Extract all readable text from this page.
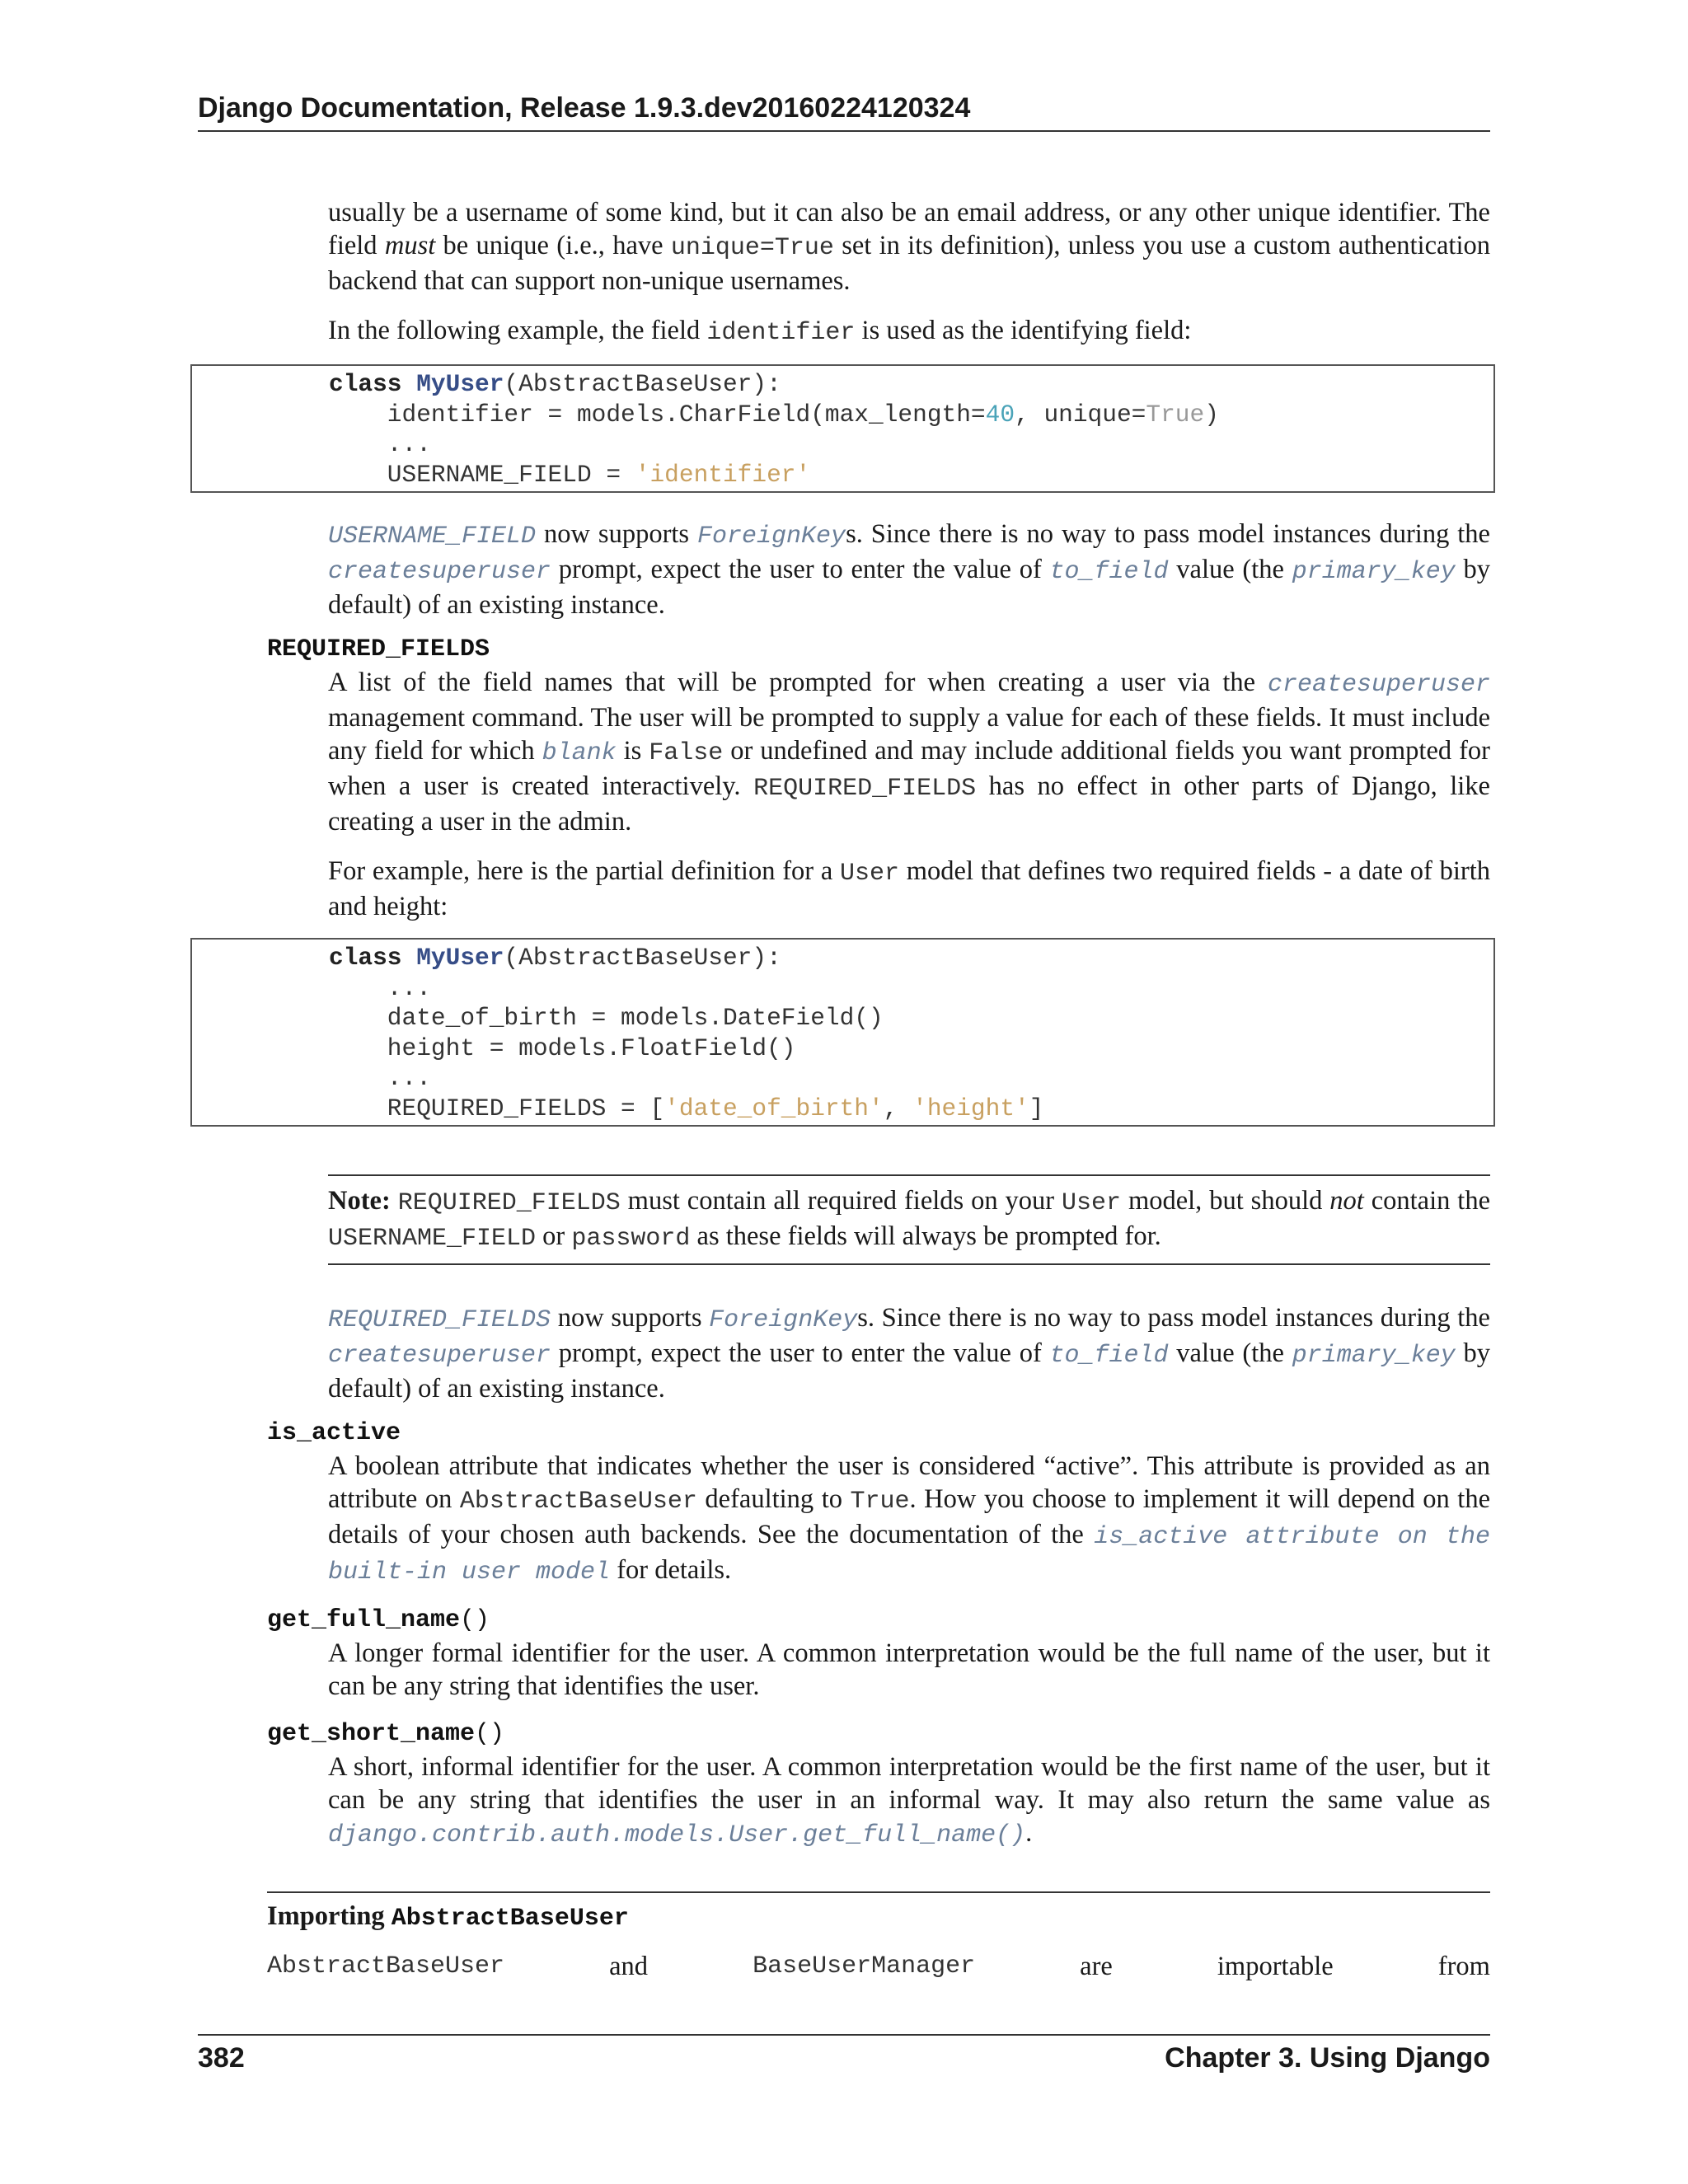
Django Documentation, Release 1.9.3.dev20160224120324

usually be a username of some kind, but it can also be an email address, or any other unique identifier. The field must be unique (i.e., have unique=True set in its definition), unless you use a custom authentication backend that can support non-unique usernames.

In the following example, the field identifier is used as the identifying field:

class MyUser(AbstractBaseUser):
identifier = models.CharField(max_length=40, unique=True)
...
USERNAME_FIELD = 'identifier'

USERNAME_FIELD now supports ForeignKeys. Since there is no way to pass model instances during the createsuperuser prompt, expect the user to enter the value of to_field value (the primary_key by default) of an existing instance.

REQUIRED_FIELDS

A list of the field names that will be prompted for when creating a user via the createsuperuser management command. The user will be prompted to supply a value for each of these fields. It must include any field for which blank is False or undefined and may include additional fields you want prompted for when a user is created interactively. REQUIRED_FIELDS has no effect in other parts of Django, like creating a user in the admin.

For example, here is the partial definition for a User model that defines two required fields - a date of birth and height:

class MyUser(AbstractBaseUser):
...
date_of_birth = models.DateField()
height = models.FloatField()
...
REQUIRED_FIELDS = ['date_of_birth', 'height']

Note: REQUIRED_FIELDS must contain all required fields on your User model, but should not contain the USERNAME_FIELD or password as these fields will always be prompted for.

REQUIRED_FIELDS now supports ForeignKeys. Since there is no way to pass model instances during the createsuperuser prompt, expect the user to enter the value of to_field value (the primary_key by default) of an existing instance.

is_active

A boolean attribute that indicates whether the user is considered “active”. This attribute is provided as an attribute on AbstractBaseUser defaulting to True. How you choose to implement it will depend on the details of your chosen auth backends. See the documentation of the is_active attribute on the built-in user model for details.

get_full_name()

A longer formal identifier for the user. A common interpretation would be the full name of the user, but it can be any string that identifies the user.

get_short_name()

A short, informal identifier for the user. A common interpretation would be the first name of the user, but it can be any string that identifies the user in an informal way. It may also return the same value as django.contrib.auth.models.User.get_full_name().

Importing AbstractBaseUser
AbstractBaseUser	and	BaseUserManager	are	importable	from
382	Chapter 3. Using Django
